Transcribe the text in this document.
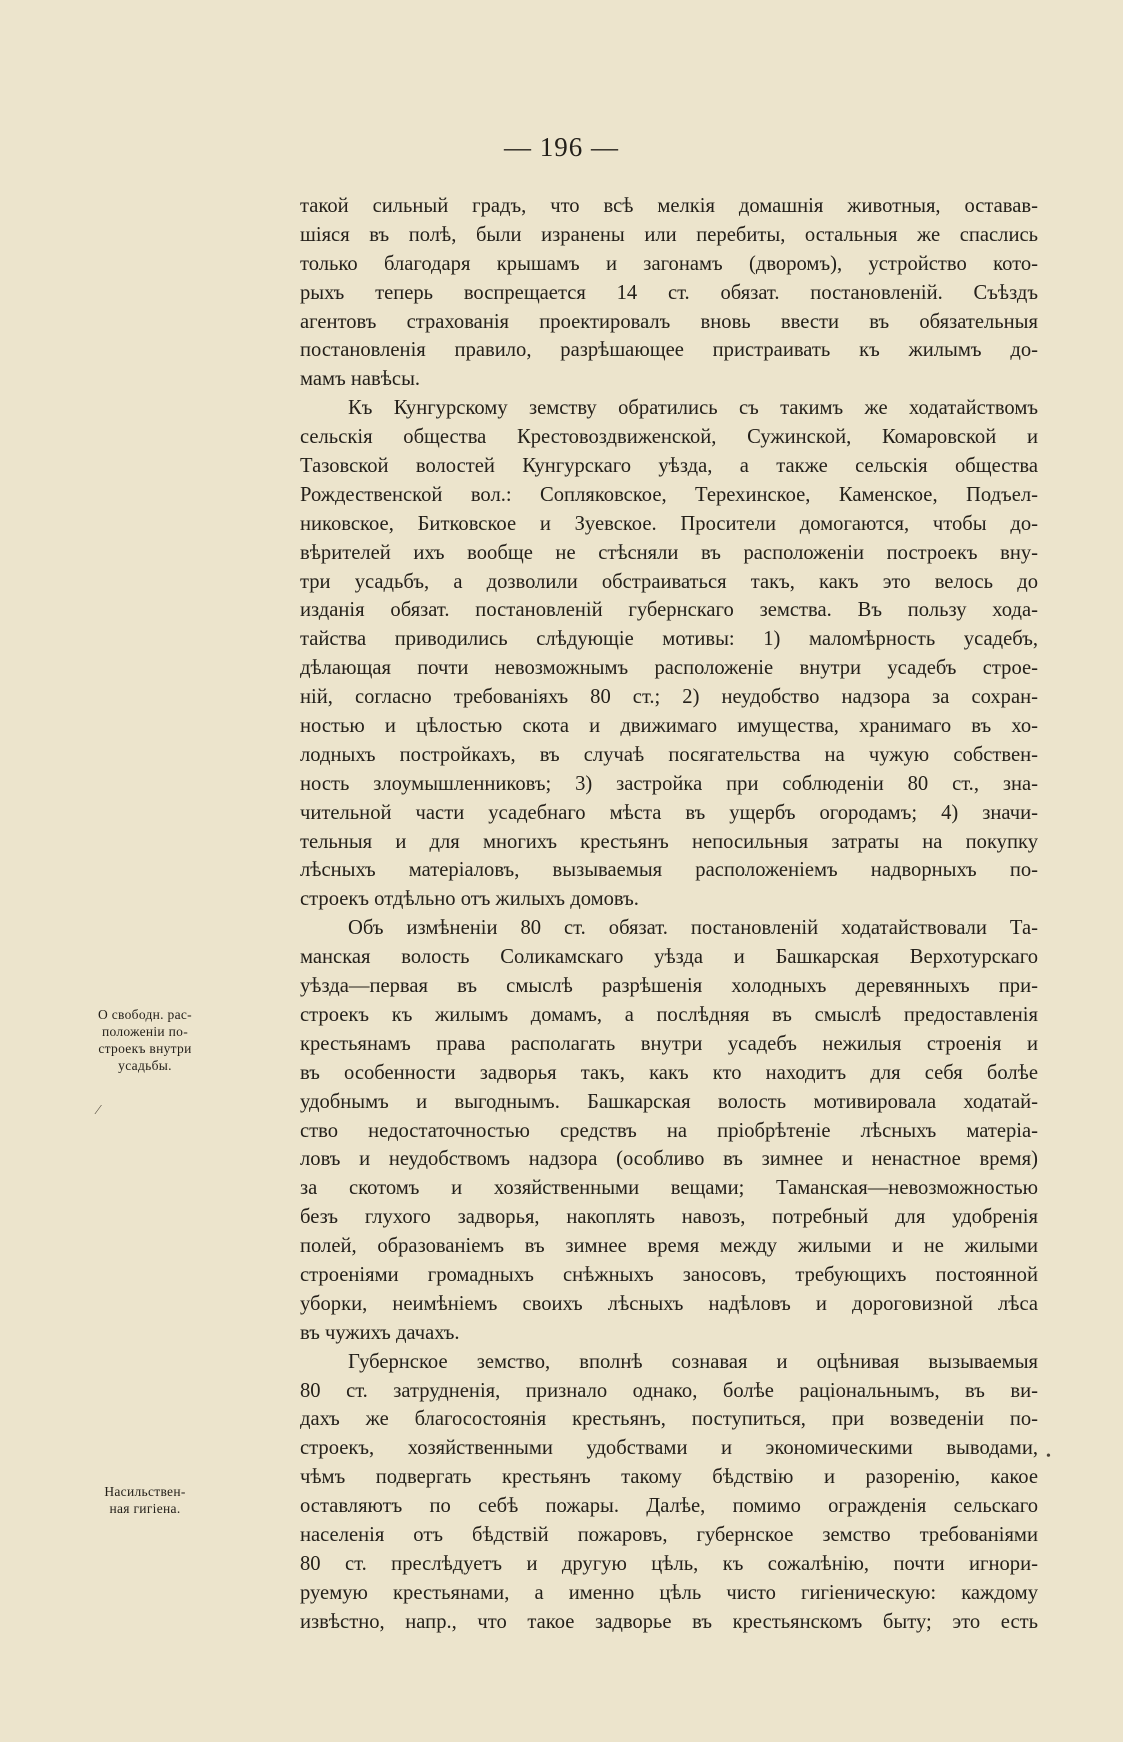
— 196 —
О свободн. рас-
положеніи по-
строекъ внутри
усадьбы.
Насильствен-
ная гигіена.
такой сильный градъ, что всѣ мелкія домашнія животныя, оставав-
шіяся въ полѣ, были изранены или перебиты, остальныя же спаслись
только благодаря крышамъ и загонамъ (дворомъ), устройство кото-
рыхъ теперь воспрещается 14 ст. обязат. постановленій. Съѣздъ
агентовъ страхованія проектировалъ вновь ввести въ обязательныя
постановленія правило, разрѣшающее пристраивать къ жилымъ до-
мамъ навѣсы.
Къ Кунгурскому земству обратились съ такимъ же ходатайствомъ
сельскія общества Крестовоздвиженской, Сужинской, Комаровской и
Тазовской волостей Кунгурскаго уѣзда, а также сельскія общества
Рождественской вол.: Сопляковское, Терехинское, Каменское, Подъел-
никовское, Битковское и Зуевское. Просители домогаются, чтобы до-
вѣрителей ихъ вообще не стѣсняли въ расположеніи построекъ вну-
три усадьбъ, а дозволили обстраиваться такъ, какъ это велось до
изданія обязат. постановленій губернскаго земства. Въ пользу хода-
тайства приводились слѣдующіе мотивы: 1) маломѣрность усадебъ,
дѣлающая почти невозможнымъ расположеніе внутри усадебъ строе-
ній, согласно требованіяхъ 80 ст.; 2) неудобство надзора за сохран-
ностью и цѣлостью скота и движимаго имущества, хранимаго въ хо-
лодныхъ постройкахъ, въ случаѣ посягательства на чужую собствен-
ность злоумышленниковъ; 3) застройка при соблюденіи 80 ст., зна-
чительной части усадебнаго мѣста въ ущербъ огородамъ; 4) значи-
тельныя и для многихъ крестьянъ непосильныя затраты на покупку
лѣсныхъ матеріаловъ, вызываемыя расположеніемъ надворныхъ по-
строекъ отдѣльно отъ жилыхъ домовъ.
Объ измѣненіи 80 ст. обязат. постановленій ходатайствовали Та-
манская волость Соликамскаго уѣзда и Башкарская Верхотурскаго
уѣзда—первая въ смыслѣ разрѣшенія холодныхъ деревянныхъ при-
строекъ къ жилымъ домамъ, а послѣдняя въ смыслѣ предоставленія
крестьянамъ права располагать внутри усадебъ нежилыя строенія и
въ особенности задворья такъ, какъ кто находитъ для себя болѣе
удобнымъ и выгоднымъ. Башкарская волость мотивировала ходатай-
ство недостаточностью средствъ на пріобрѣтеніе лѣсныхъ матеріа-
ловъ и неудобствомъ надзора (особливо въ зимнее и ненастное время)
за скотомъ и хозяйственными вещами; Таманская—невозможностью
безъ глухого задворья, накоплять навозъ, потребный для удобренія
полей, образованіемъ въ зимнее время между жилыми и не жилыми
строеніями громадныхъ снѣжныхъ заносовъ, требующихъ постоянной
уборки, неимѣніемъ своихъ лѣсныхъ надѣловъ и дороговизной лѣса
въ чужихъ дачахъ.
Губернское земство, вполнѣ сознавая и оцѣнивая вызываемыя
80 ст. затрудненія, признало однако, болѣе раціональнымъ, въ ви-
дахъ же благосостоянія крестьянъ, поступиться, при возведеніи по-
строекъ, хозяйственными удобствами и экономическими выводами,
чѣмъ подвергать крестьянъ такому бѣдствію и разоренію, какое
оставляютъ по себѣ пожары. Далѣе, помимо огражденія сельскаго
населенія отъ бѣдствій пожаровъ, губернское земство требованіями
80 ст. преслѣдуетъ и другую цѣль, къ сожалѣнію, почти игнори-
руемую крестьянами, а именно цѣль чисто гигіеническую: каждому
извѣстно, напр., что такое задворье въ крестьянскомъ быту; это есть
•
⁄
